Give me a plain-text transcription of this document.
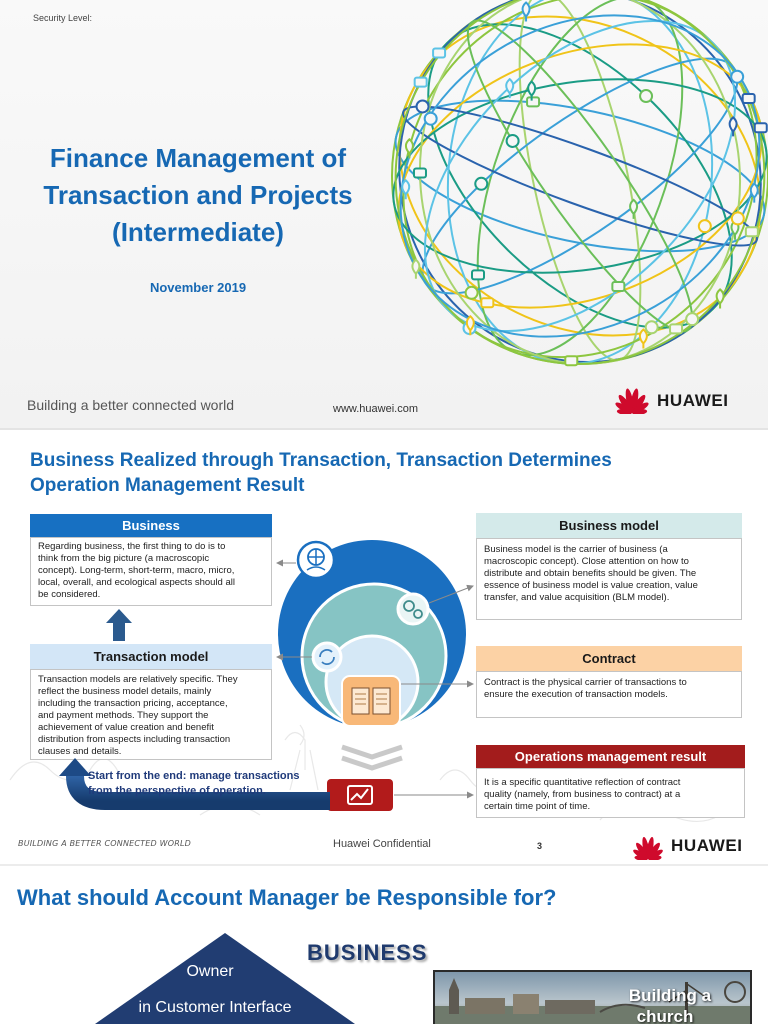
Security Level:
Finance Management of
Transaction and Projects
(Intermediate)
November 2019
Building a better connected world	www.huawei.com	HUAWEI
Business Realized through Transaction, Transaction Determines
Operation Management Result
Business
Regarding business, the first thing to do is to
think from the big picture (a macroscopic
concept). Long-term, short-term, macro, micro,
local, overall, and ecological aspects should all
be considered.
Transaction model
Transaction models are relatively specific. They
reflect the business model details, mainly
including the transaction pricing, acceptance,
and payment methods. They support the
achievement of value creation and benefit
distribution from aspects including transaction
clauses and details.
Business model
Business model is the carrier of business (a
macroscopic concept). Close attention on how to
distribute and obtain benefits should be given. The
essence of business model is value creation, value
transfer, and value acquisition (BLM model).
Contract
Contract is the physical carrier of transactions to
ensure the execution of transaction models.
Operations management result
It is a specific quantitative reflection of contract
quality (namely, from business to contract) at a
certain time point of time.
Start from the end: manage transactions
from the perspective of operation.
BUILDING A BETTER CONNECTED WORLD	Huawei Confidential	3	HUAWEI
What should Account Manager be Responsible for?
Owner
in Customer Interface
BUSINESS
Building a
church
